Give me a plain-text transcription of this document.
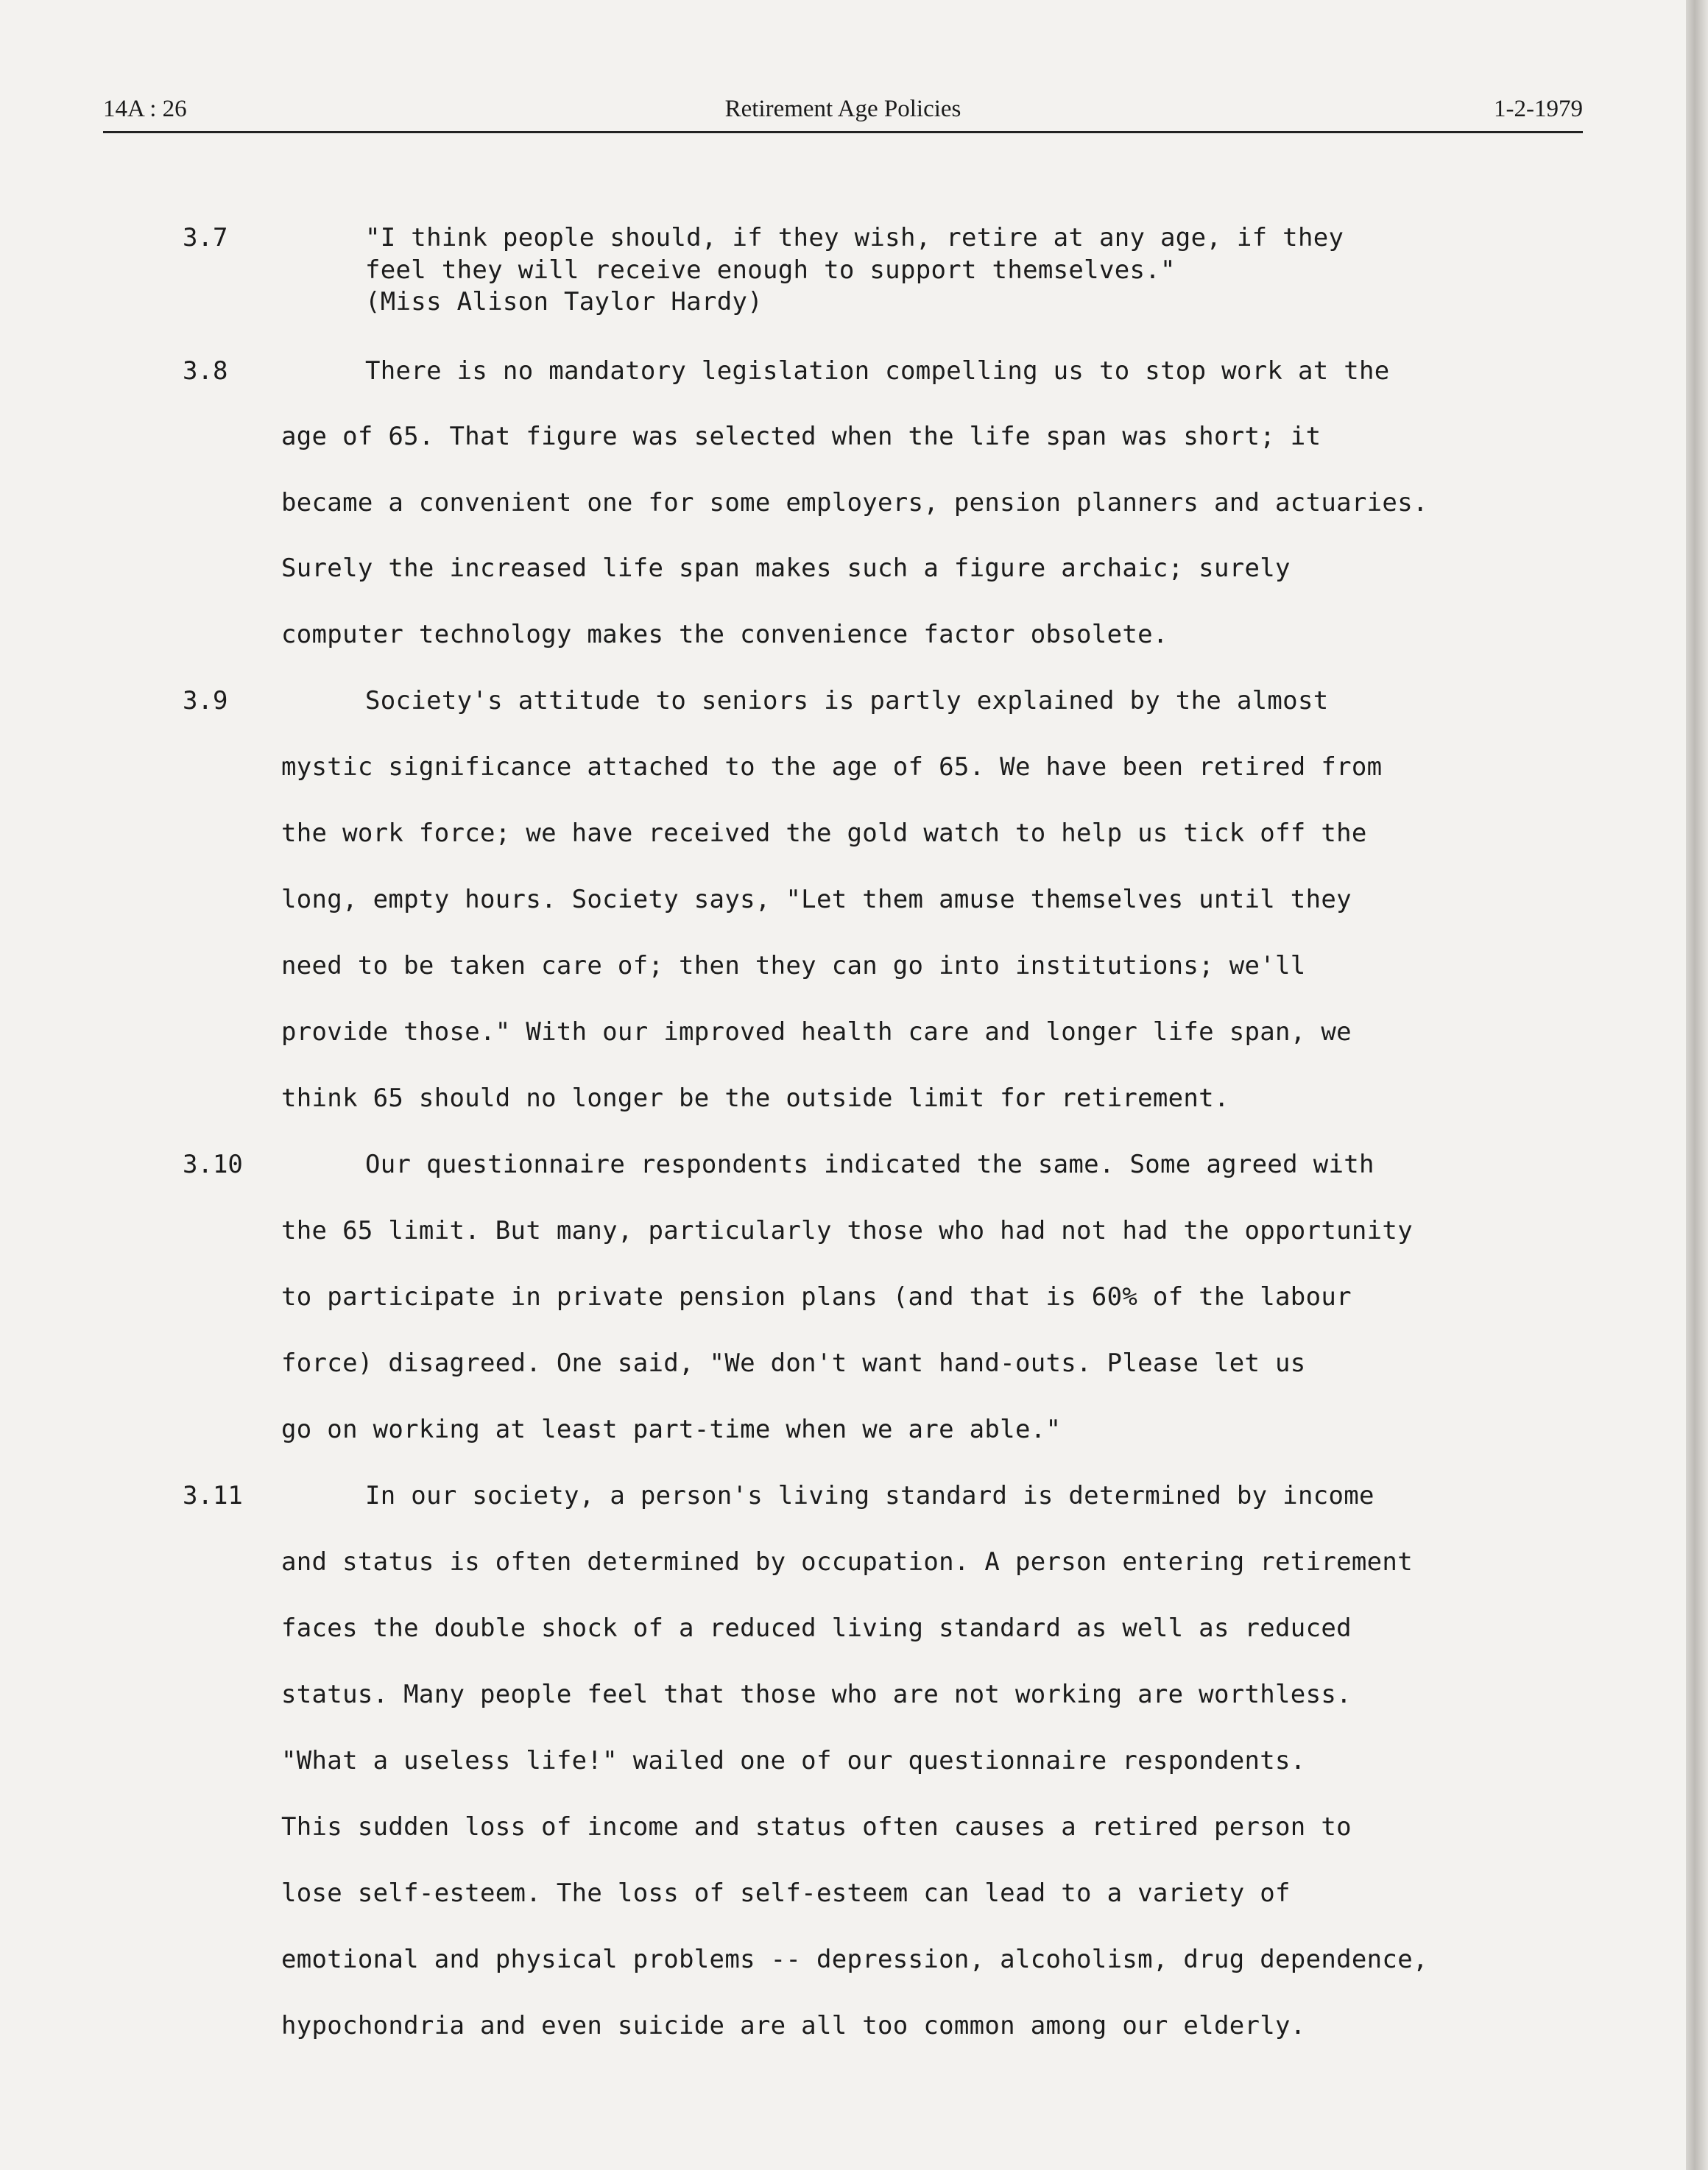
14A : 26	Retirement Age Policies	1-2-1979
3.7	"I think people should, if they wish, retire at any age, if they
feel they will receive enough to support themselves."
(Miss Alison Taylor Hardy)
3.8	There is no mandatory legislation compelling us to stop work at the
age of 65. That figure was selected when the life span was short; it
became a convenient one for some employers, pension planners and actuaries.
Surely the increased life span makes such a figure archaic; surely
computer technology makes the convenience factor obsolete.
3.9	Society's attitude to seniors is partly explained by the almost
mystic significance attached to the age of 65. We have been retired from
the work force; we have received the gold watch to help us tick off the
long, empty hours. Society says, "Let them amuse themselves until they
need to be taken care of; then they can go into institutions; we'll
provide those." With our improved health care and longer life span, we
think 65 should no longer be the outside limit for retirement.
3.10	Our questionnaire respondents indicated the same. Some agreed with
the 65 limit. But many, particularly those who had not had the opportunity
to participate in private pension plans (and that is 60% of the labour
force) disagreed. One said, "We don't want hand-outs. Please let us
go on working at least part-time when we are able."
3.11	In our society, a person's living standard is determined by income
and status is often determined by occupation. A person entering retirement
faces the double shock of a reduced living standard as well as reduced
status. Many people feel that those who are not working are worthless.
"What a useless life!" wailed one of our questionnaire respondents.
This sudden loss of income and status often causes a retired person to
lose self-esteem. The loss of self-esteem can lead to a variety of
emotional and physical problems -- depression, alcoholism, drug dependence,
hypochondria and even suicide are all too common among our elderly.
